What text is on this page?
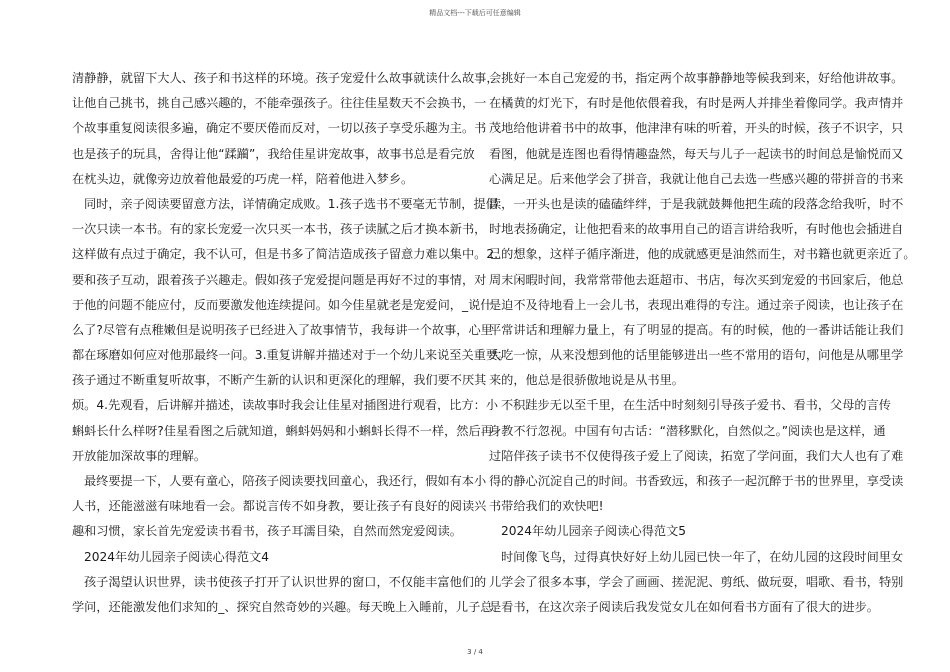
精品文档---下载后可任意编辑
清静静，就留下大人、孩子和书这样的环境。孩子宠爱什么故事就读什么故事，
让他自己挑书，挑自己感兴趣的，不能牵强孩子。往往佳星数天不会换书，一
个故事重复阅读很多遍，确定不要厌倦而反对，一切以孩子享受乐趣为主。书
也是孩子的玩具，舍得让他“蹂躏”，我给佳星讲宠故事，故事书总是看完放
在枕头边，就像旁边放着他最爱的巧虎一样，陪着他进入梦乡。
同时，亲子阅读要留意方法，详情确定成败。1.孩子选书不要毫无节制，提倡
一次只读一本书。有的家长宠爱一次只买一本书，孩子读腻之后才换本新书，
这样做有点过于确定，我不认可，但是书多了简洁造成孩子留意力难以集中。2.
要和孩子互动，跟着孩子兴趣走。假如孩子宠爱提问题是再好不过的事情，对
于他的问题不能应付，反而要激发他连续提问。如今佳星就老是宠爱问，_说什
么了?尽管有点稚嫩但是说明孩子已经进入了故事情节，我每讲一个故事，心里
都在琢磨如何应对他那最终一问。3.重复讲解并描述对于一个幼儿来说至关重要。
孩子通过不断重复听故事，不断产生新的认识和更深化的理解，我们要不厌其
烦。4.先观看，后讲解并描述，读故事时我会让佳星对插图进行观看，比方：小
蝌蚪长什么样呀?佳星看图之后就知道，蝌蚪妈妈和小蝌蚪长得不一样，然后再
开放能加深故事的理解。
最终要提一下，人要有童心，陪孩子阅读要找回童心，我还行，假如有本小
人书，还能滋滋有味地看一会。都说言传不如身教，要让孩子有良好的阅读兴
趣和习惯，家长首先宠爱读书看书，孩子耳濡目染，自然而然宠爱阅读。
2024年幼儿园亲子阅读心得范文4
孩子渴望认识世界，读书使孩子打开了认识世界的窗口，不仅能丰富他们的
学问，还能激发他们求知的_、探究自然奇妙的兴趣。每天晚上入睡前，儿子总
会挑好一本自己宠爱的书，指定两个故事静静地等候我到来，好给他讲故事。
在橘黄的灯光下，有时是他依偎着我，有时是两人并排坐着像同学。我声情并
茂地给他讲着书中的故事，他津津有味的听着，开头的时候，孩子不识字，只
看图，他就是连图也看得情趣盎然，每天与儿子一起读书的时间总是愉悦而又
心满足足。后来他学会了拼音，我就让他自己去选一些感兴趣的带拼音的书来
读，一开头也是读的磕磕绊绊，于是我就鼓舞他把生疏的段落念给我听，时不
时地表扬确定，让他把看来的故事用自己的语言讲给我听，有时他也会插进自
己的想象，这样子循序渐进，他的成就感更是油然而生，对书籍也就更亲近了。
周末闲暇时间，我常常带他去逛超市、书店，每次买到宠爱的书回家后，他总
是迫不及待地看上一会儿书，表现出难得的专注。通过亲子阅读，也让孩子在
平常讲话和理解力量上，有了明显的提高。有的时候，他的一番讲话能让我们
大吃一惊，从来没想到他的话里能够进出一些不常用的语句，问他是从哪里学
来的，他总是很骄傲地说是从书里。
不积跬步无以至千里，在生活中时刻刻引导孩子爱书、看书，父母的言传
身教不行忽视。中国有句古话：“潜移默化，自然似之。”阅读也是这样，通
过陪伴孩子读书不仅使得孩子爱上了阅读，拓宽了学问面，我们大人也有了难
得的静心沉淀自己的时间。书香致远，和孩子一起沉醉于书的世界里，享受读
书带给我们的欢快吧!
2024年幼儿园亲子阅读心得范文5
时间像飞鸟，过得真快好好上幼儿园已快一年了，在幼儿园的这段时间里女
儿学会了很多本事，学会了画画、搓泥泥、剪纸、做玩耍，唱歌、看书，特别
是看书，在这次亲子阅读后我发觉女儿在如何看书方面有了很大的进步。
3 / 4
